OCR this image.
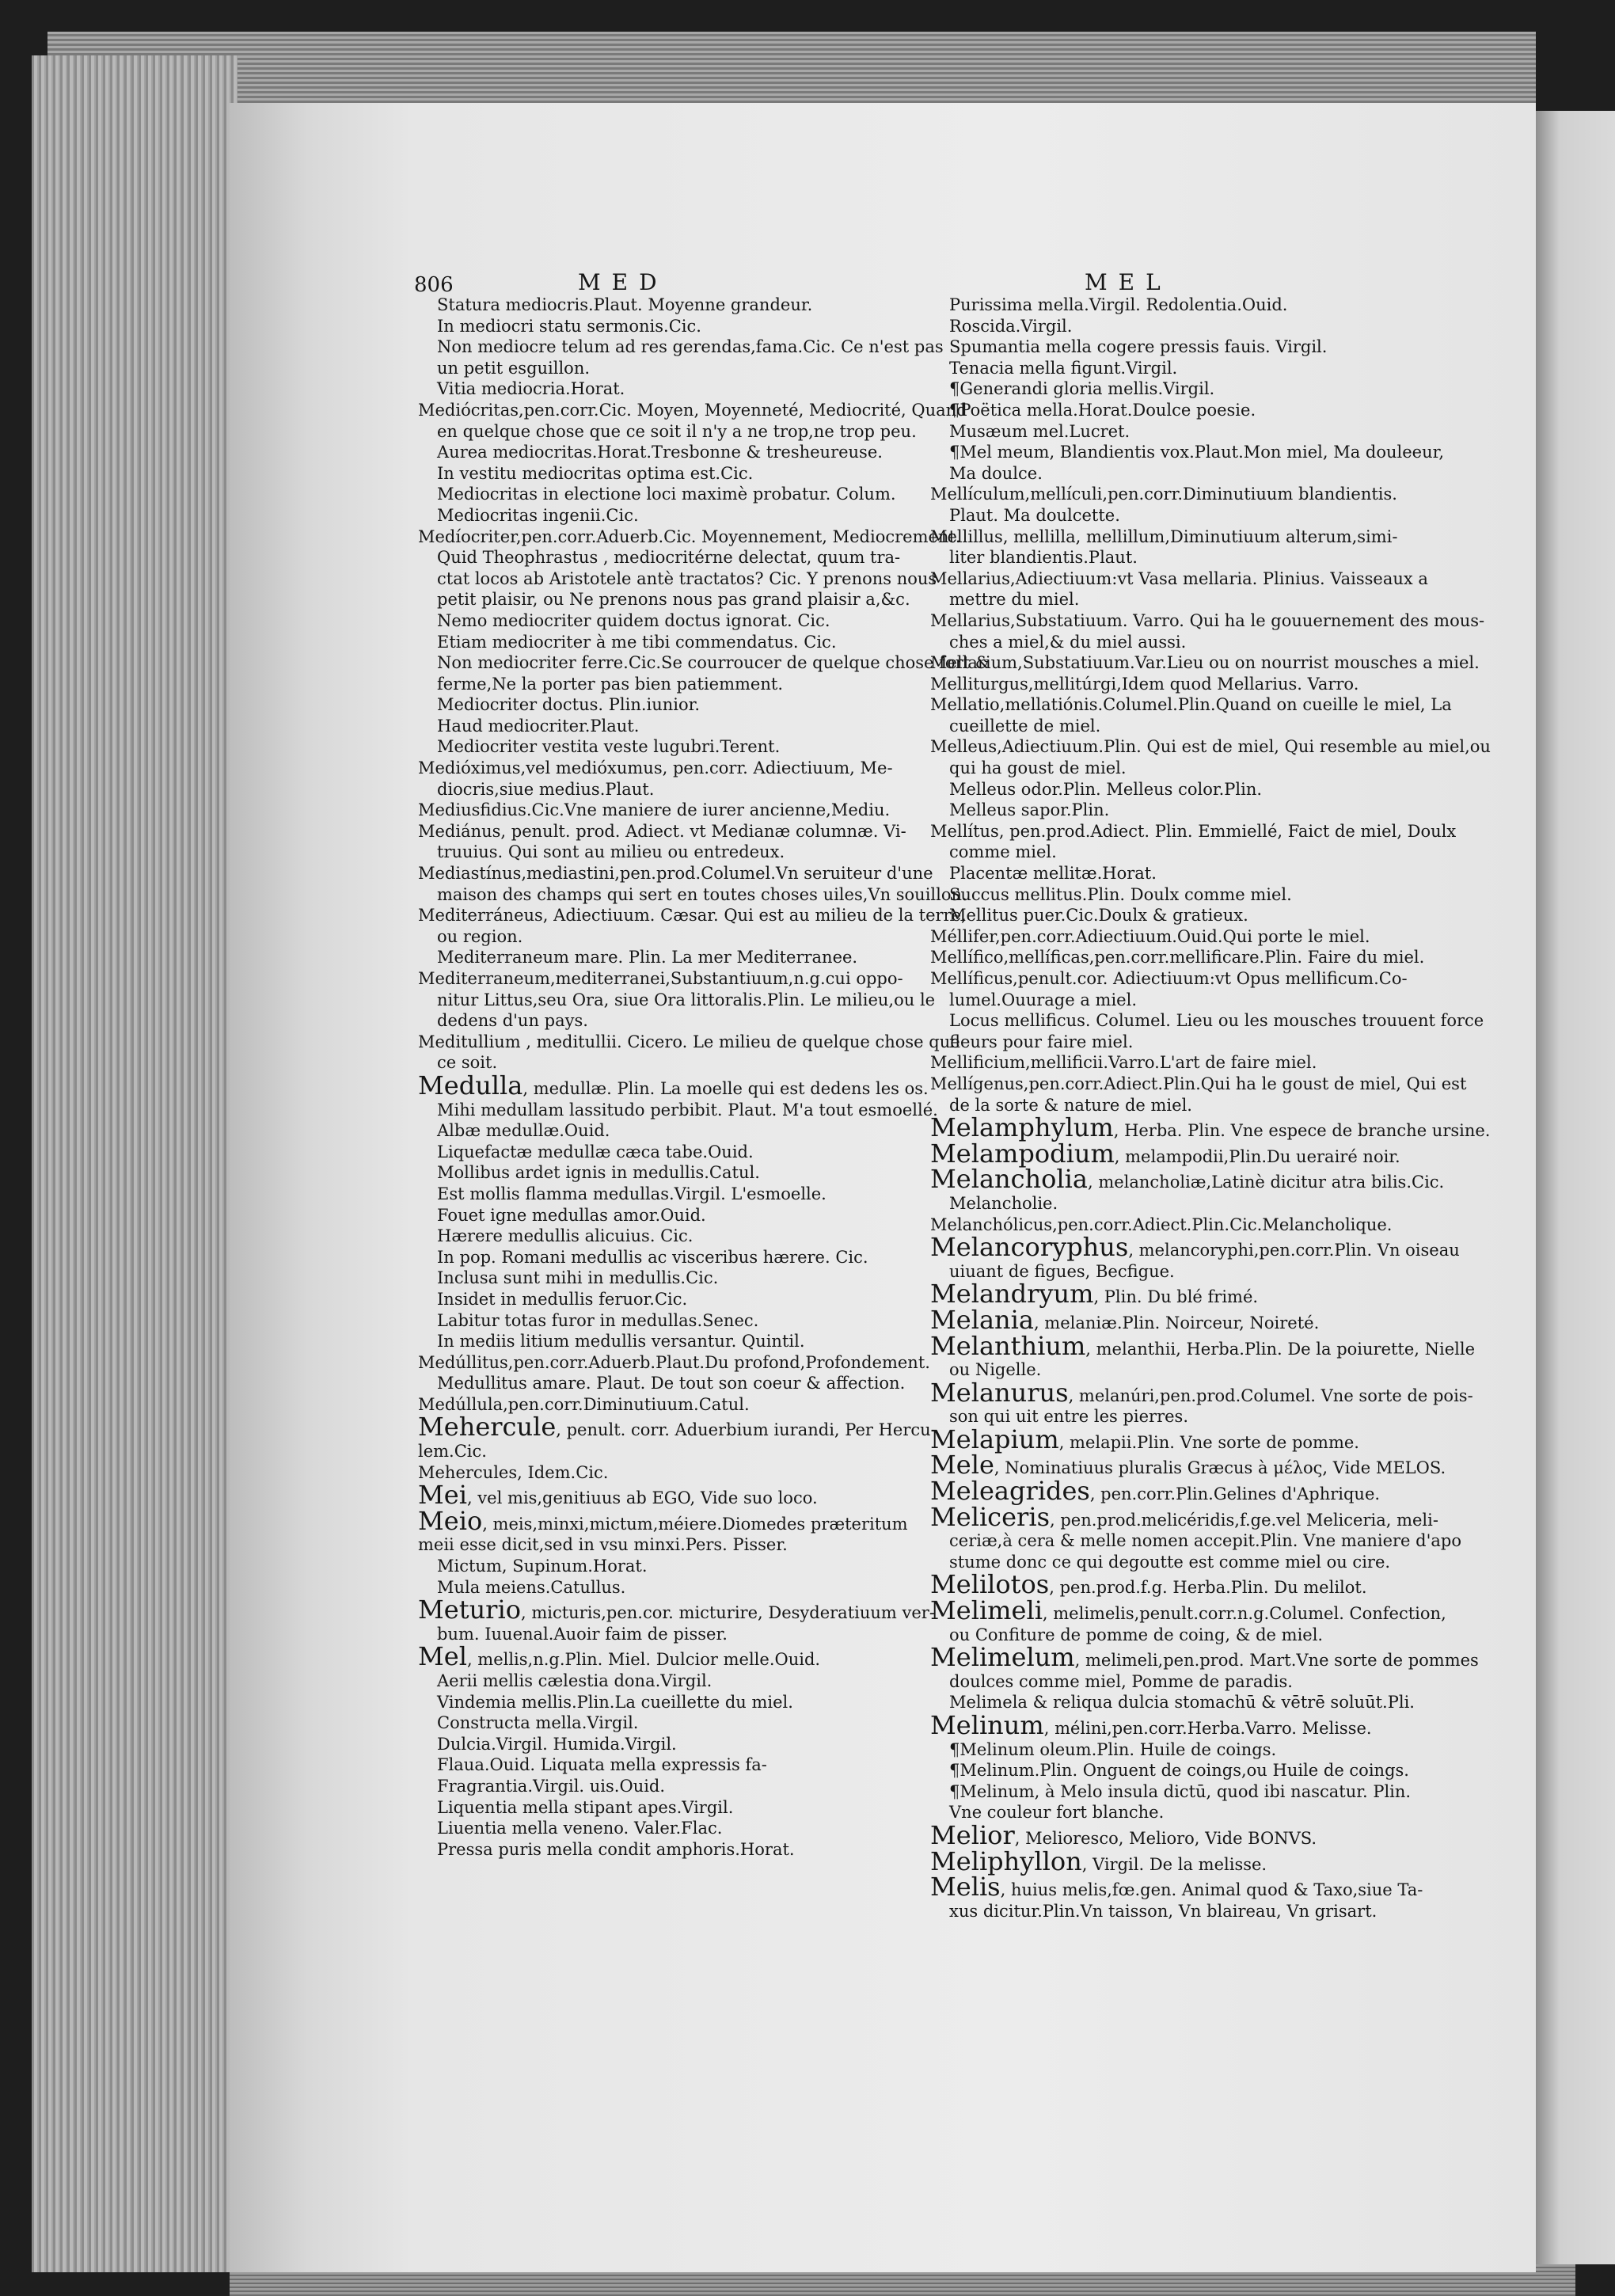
806	MED	MEL
Statura mediocris.Plaut. Moyenne grandeur.
In mediocri statu sermonis.Cic.
Non mediocre telum ad res gerendas,fama.Cic. Ce n'est pas
un petit esguillon.
Vitia mediocria.Horat.
Mediócritas,pen.corr.Cic. Moyen, Moyenneté, Mediocrité, Quand
en quelque chose que ce soit il n'y a ne trop,ne trop peu.
Aurea mediocritas.Horat.Tresbonne & tresheureuse.
In vestitu mediocritas optima est.Cic.
Mediocritas in electione loci maximè probatur. Colum.
Mediocritas ingenii.Cic.
Medíocriter,pen.corr.Aduerb.Cic. Moyennement, Mediocrement.
Quid Theophrastus , mediocritérne delectat, quum tra-
ctat locos ab Aristotele antè tractatos? Cic. Y prenons nous
petit plaisir, ou Ne prenons nous pas grand plaisir a,&c.
Nemo mediocriter quidem doctus ignorat. Cic.
Etiam mediocriter à me tibi commendatus. Cic.
Non mediocriter ferre.Cic.Se courroucer de quelque chose fort &
ferme,Ne la porter pas bien patiemment.
Mediocriter doctus. Plin.iunior.
Haud mediocriter.Plaut.
Mediocriter vestita veste lugubri.Terent.
Medióximus,vel medióxumus, pen.corr. Adiectiuum, Me-
diocris,siue medius.Plaut.
Mediusfidius.Cic.Vne maniere de iurer ancienne,Mediu.
Mediánus, penult. prod. Adiect. vt Medianæ columnæ. Vi-
truuius. Qui sont au milieu ou entredeux.
Mediastínus,mediastini,pen.prod.Columel.Vn seruiteur d'une
maison des champs qui sert en toutes choses uiles,Vn souillon.
Mediterráneus, Adiectiuum. Cæsar. Qui est au milieu de la terre,
ou region.
Mediterraneum mare. Plin. La mer Mediterranee.
Mediterraneum,mediterranei,Substantiuum,n.g.cui oppo-
nitur Littus,seu Ora, siue Ora littoralis.Plin. Le milieu,ou le
dedens d'un pays.
Meditullium , meditullii. Cicero. Le milieu de quelque chose que
ce soit.
Medulla, medullæ. Plin. La moelle qui est dedens les os.
Mihi medullam lassitudo perbibit. Plaut. M'a tout esmoellé.
Albæ medullæ.Ouid.
Liquefactæ medullæ cæca tabe.Ouid.
Mollibus ardet ignis in medullis.Catul.
Est mollis flamma medullas.Virgil. L'esmoelle.
Fouet igne medullas amor.Ouid.
Hærere medullis alicuius. Cic.
In pop. Romani medullis ac visceribus hærere. Cic.
Inclusa sunt mihi in medullis.Cic.
Insidet in medullis feruor.Cic.
Labitur totas furor in medullas.Senec.
In mediis litium medullis versantur. Quintil.
Medúllitus,pen.corr.Aduerb.Plaut.Du profond,Profondement.
Medullitus amare. Plaut. De tout son coeur & affection.
Medúllula,pen.corr.Diminutiuum.Catul.
Mehercule, penult. corr. Aduerbium iurandi, Per Hercu-
lem.Cic.
Mehercules, Idem.Cic.
Mei, vel mis,genitiuus ab EGO, Vide suo loco.
Meio, meis,minxi,mictum,méiere.Diomedes præteritum
meii esse dicit,sed in vsu minxi.Pers. Pisser.
Mictum, Supinum.Horat.
Mula meiens.Catullus.
Meturio, micturis,pen.cor. micturire, Desyderatiuum ver-
bum. Iuuenal.Auoir faim de pisser.
Mel, mellis,n.g.Plin. Miel. Dulcior melle.Ouid.
Aerii mellis cælestia dona.Virgil.
Vindemia mellis.Plin.La cueillette du miel.
Constructa mella.Virgil.
Dulcia.Virgil. Humida.Virgil.
Flaua.Ouid. Liquata mella expressis fa-
Fragrantia.Virgil. uis.Ouid.
Liquentia mella stipant apes.Virgil.
Liuentia mella veneno. Valer.Flac.
Pressa puris mella condit amphoris.Horat.
Purissima mella.Virgil. Redolentia.Ouid.
Roscida.Virgil.
Spumantia mella cogere pressis fauis. Virgil.
Tenacia mella figunt.Virgil.
¶Generandi gloria mellis.Virgil.
¶Poëtica mella.Horat.Doulce poesie.
Musæum mel.Lucret.
¶Mel meum, Blandientis vox.Plaut.Mon miel, Ma douleeur,
Ma doulce.
Mellículum,mellículi,pen.corr.Diminutiuum blandientis.
Plaut. Ma doulcette.
Mellillus, mellilla, mellillum,Diminutiuum alterum,simi-
liter blandientis.Plaut.
Mellarius,Adiectiuum:vt Vasa mellaria. Plinius. Vaisseaux a
mettre du miel.
Mellarius,Substatiuum. Varro. Qui ha le gouuernement des mous-
ches a miel,& du miel aussi.
Mellarium,Substatiuum.Var.Lieu ou on nourrist mousches a miel.
Melliturgus,mellitúrgi,Idem quod Mellarius. Varro.
Mellatio,mellatiónis.Columel.Plin.Quand on cueille le miel, La
cueillette de miel.
Melleus,Adiectiuum.Plin. Qui est de miel, Qui resemble au miel,ou
qui ha goust de miel.
Melleus odor.Plin. Melleus color.Plin.
Melleus sapor.Plin.
Mellítus, pen.prod.Adiect. Plin. Emmiellé, Faict de miel, Doulx
comme miel.
Placentæ mellitæ.Horat.
Succus mellitus.Plin. Doulx comme miel.
Mellitus puer.Cic.Doulx & gratieux.
Méllifer,pen.corr.Adiectiuum.Ouid.Qui porte le miel.
Mellífico,mellíficas,pen.corr.mellificare.Plin. Faire du miel.
Mellíficus,penult.cor. Adiectiuum:vt Opus mellificum.Co-
lumel.Ouurage a miel.
Locus mellificus. Columel. Lieu ou les mousches trouuent force
fleurs pour faire miel.
Mellificium,mellificii.Varro.L'art de faire miel.
Mellígenus,pen.corr.Adiect.Plin.Qui ha le goust de miel, Qui est
de la sorte & nature de miel.
Melamphylum, Herba. Plin. Vne espece de branche ursine.
Melampodium, melampodii,Plin.Du uerairé noir.
Melancholia, melancholiæ,Latinè dicitur atra bilis.Cic.
Melancholie.
Melanchólicus,pen.corr.Adiect.Plin.Cic.Melancholique.
Melancoryphus, melancoryphi,pen.corr.Plin. Vn oiseau
uiuant de figues, Becfigue.
Melandryum, Plin. Du blé frimé.
Melania, melaniæ.Plin. Noirceur, Noireté.
Melanthium, melanthii, Herba.Plin. De la poiurette, Nielle
ou Nigelle.
Melanurus, melanúri,pen.prod.Columel. Vne sorte de pois-
son qui uit entre les pierres.
Melapium, melapii.Plin. Vne sorte de pomme.
Mele, Nominatiuus pluralis Græcus à μέλος, Vide MELOS.
Meleagrides, pen.corr.Plin.Gelines d'Aphrique.
Meliceris, pen.prod.melicéridis,f.ge.vel Meliceria, meli-
ceriæ,à cera & melle nomen accepit.Plin. Vne maniere d'apo
stume donc ce qui degoutte est comme miel ou cire.
Melilotos, pen.prod.f.g. Herba.Plin. Du melilot.
Melimeli, melimelis,penult.corr.n.g.Columel. Confection,
ou Confiture de pomme de coing, & de miel.
Melimelum, melimeli,pen.prod. Mart.Vne sorte de pommes
doulces comme miel, Pomme de paradis.
Melimela & reliqua dulcia stomachū & vētrē soluūt.Pli.
Melinum, mélini,pen.corr.Herba.Varro. Melisse.
¶Melinum oleum.Plin. Huile de coings.
¶Melinum.Plin. Onguent de coings,ou Huile de coings.
¶Melinum, à Melo insula dictū, quod ibi nascatur. Plin.
Vne couleur fort blanche.
Melior, Melioresco, Melioro, Vide BONVS.
Meliphyllon, Virgil. De la melisse.
Melis, huius melis,fœ.gen. Animal quod & Taxo,siue Ta-
xus dicitur.Plin.Vn taisson, Vn blaireau, Vn grisart.
